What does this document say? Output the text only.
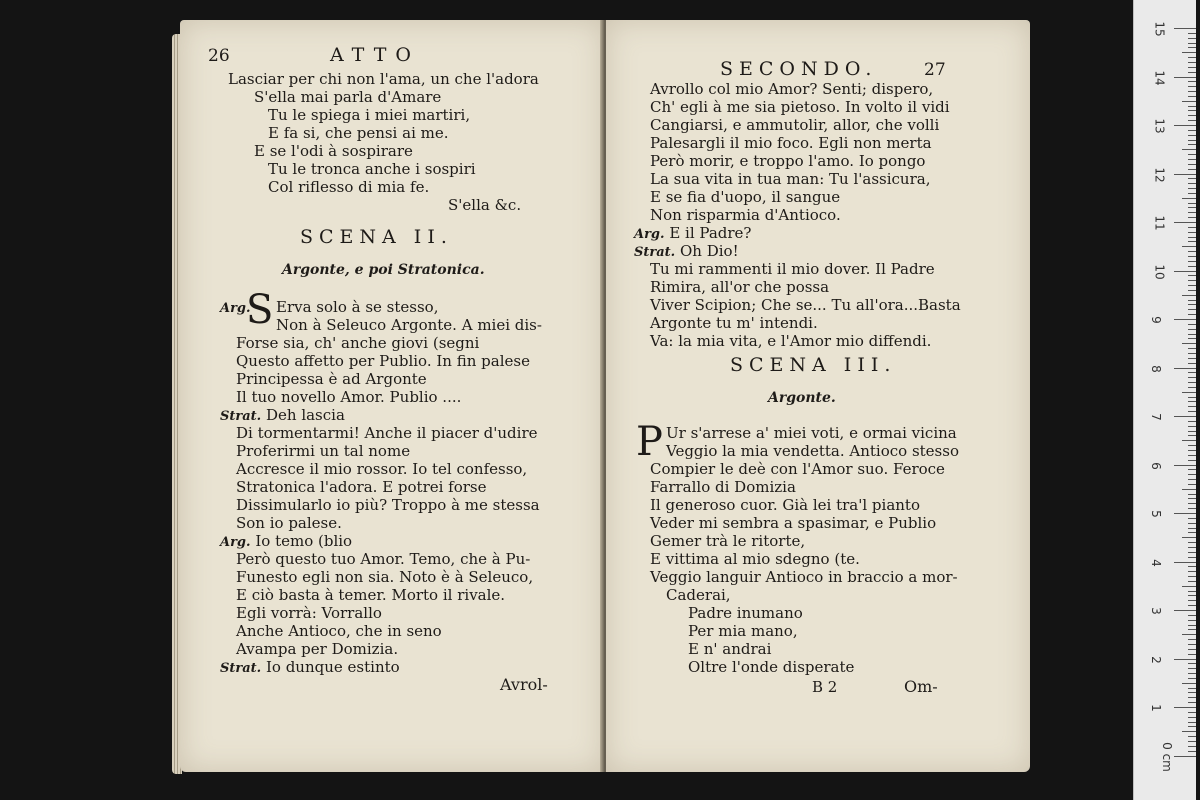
26	ATTO
Lasciar per chi non l'ama, un che l'adora
S'ella mai parla d'Amare
Tu le spiega i miei martiri,
E fa si, che pensi ai me.
E se l'odi à sospirare
Tu le tronca anche i sospiri
Col riflesso di mia fe.
S'ella &c.
SCENA II.
Argonte, e poi Stratonica.
S
Arg. Erva solo à se stesso,
Non à Seleuco Argonte. A miei dis-
Forse sia, ch' anche giovi (segni
Questo affetto per Publio. In fin palese
Principessa è ad Argonte
Il tuo novello Amor. Publio ....
Strat. Deh lascia
Di tormentarmi! Anche il piacer d'udire
Proferirmi un tal nome
Accresce il mio rossor. Io tel confesso,
Stratonica l'adora. E potrei forse
Dissimularlo io più? Troppo à me stessa
Son io palese.
Arg. Io temo (blio
Però questo tuo Amor. Temo, che à Pu-
Funesto egli non sia. Noto è à Seleuco,
E ciò basta à temer. Morto il rivale.
Egli vorrà: Vorrallo
Anche Antioco, che in seno
Avampa per Domizia.
Strat. Io dunque estinto
Avrol-
SECONDO.	27
Avrollo col mio Amor? Senti; dispero,
Ch' egli à me sia pietoso. In volto il vidi
Cangiarsi, e ammutolir, allor, che volli
Palesargli il mio foco. Egli non merta
Però morir, e troppo l'amo. Io pongo
La sua vita in tua man: Tu l'assicura,
E se fia d'uopo, il sangue
Non risparmia d'Antioco.
Arg. E il Padre?
Strat. Oh Dio!
Tu mi rammenti il mio dover. Il Padre
Rimira, all'or che possa
Viver Scipion; Che se... Tu all'ora...Basta
Argonte tu m' intendi.
Va: la mia vita, e l'Amor mio diffendi.
SCENA III.
Argonte.
P Ur s'arrese a' miei voti, e ormai vicina
Veggio la mia vendetta. Antioco stesso
Compier le deè con l'Amor suo. Feroce
Farrallo di Domizia
Il generoso cuor. Già lei tra'l pianto
Veder mi sembra a spasimar, e Publio
Gemer trà le ritorte,
E vittima al mio sdegno (te.
Veggio languir Antioco in braccio a mor-
Caderai,
Padre inumano
Per mia mano,
E n' andrai
Oltre l'onde disperate
B 2	Om-
15
14
13
12
11
10
9
8
7
6
5
4
3
2
1
0 cm
